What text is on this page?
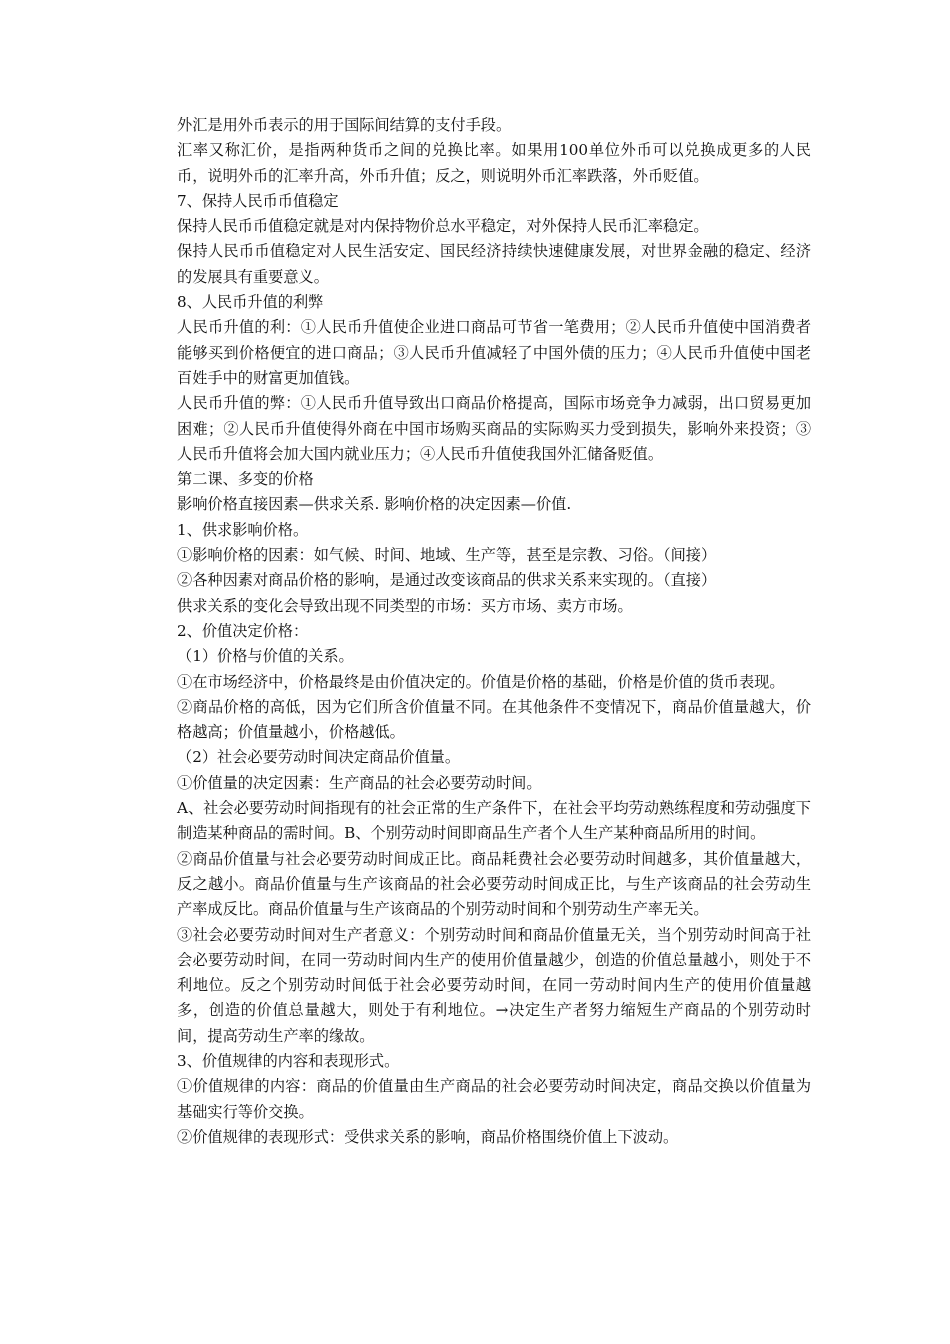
外汇是用外币表示的用于国际间结算的支付手段。

汇率又称汇价，是指两种货币之间的兑换比率。如果用100单位外币可以兑换成更多的人民币，说明外币的汇率升高，外币升值；反之，则说明外币汇率跌落，外币贬值。

7、保持人民币币值稳定

保持人民币币值稳定就是对内保持物价总水平稳定，对外保持人民币汇率稳定。

保持人民币币值稳定对人民生活安定、国民经济持续快速健康发展，对世界金融的稳定、经济的发展具有重要意义。

8、人民币升值的利弊

人民币升值的利：①人民币升值使企业进口商品可节省一笔费用；②人民币升值使中国消费者能够买到价格便宜的进口商品；③人民币升值减轻了中国外债的压力；④人民币升值使中国老百姓手中的财富更加值钱。

人民币升值的弊：①人民币升值导致出口商品价格提高，国际市场竞争力减弱，出口贸易更加困难；②人民币升值使得外商在中国市场购买商品的实际购买力受到损失，影响外来投资；③人民币升值将会加大国内就业压力；④人民币升值使我国外汇储备贬值。

第二课、多变的价格

影响价格直接因素—供求关系. 影响价格的决定因素—价值.

1、供求影响价格。

①影响价格的因素：如气候、时间、地域、生产等，甚至是宗教、习俗。（间接）

②各种因素对商品价格的影响，是通过改变该商品的供求关系来实现的。（直接）

供求关系的变化会导致出现不同类型的市场：买方市场、卖方市场。

2、价值决定价格：

（1）价格与价值的关系。

①在市场经济中，价格最终是由价值决定的。价值是价格的基础，价格是价值的货币表现。

②商品价格的高低，因为它们所含价值量不同。在其他条件不变情况下，商品价值量越大，价格越高；价值量越小，价格越低。

（2）社会必要劳动时间决定商品价值量。

①价值量的决定因素：生产商品的社会必要劳动时间。

A、社会必要劳动时间指现有的社会正常的生产条件下，在社会平均劳动熟练程度和劳动强度下制造某种商品的需时间。B、个别劳动时间即商品生产者个人生产某种商品所用的时间。

②商品价值量与社会必要劳动时间成正比。商品耗费社会必要劳动时间越多，其价值量越大，反之越小。商品价值量与生产该商品的社会必要劳动时间成正比，与生产该商品的社会劳动生产率成反比。商品价值量与生产该商品的个别劳动时间和个别劳动生产率无关。

③社会必要劳动时间对生产者意义：个别劳动时间和商品价值量无关，当个别劳动时间高于社会必要劳动时间，在同一劳动时间内生产的使用价值量越少，创造的价值总量越小，则处于不利地位。反之个别劳动时间低于社会必要劳动时间，在同一劳动时间内生产的使用价值量越多，创造的价值总量越大，则处于有利地位。→决定生产者努力缩短生产商品的个别劳动时间，提高劳动生产率的缘故。

3、价值规律的内容和表现形式。

①价值规律的内容：商品的价值量由生产商品的社会必要劳动时间决定，商品交换以价值量为基础实行等价交换。

②价值规律的表现形式：受供求关系的影响，商品价格围绕价值上下波动。
